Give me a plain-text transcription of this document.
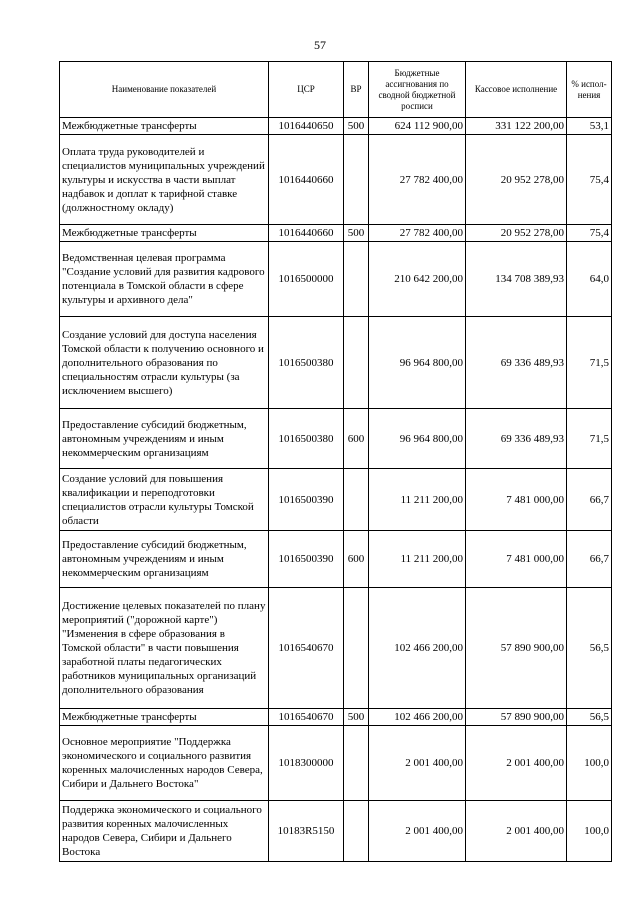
57
Наименование показателей	ЦСР	ВР	Бюджетные ассигнования по сводной бюджетной росписи	Кассовое исполнение	% испол-нения
Межбюджетные трансферты	1016440650	500	624 112 900,00	331 122 200,00	53,1
Оплата труда руководителей и специалистов муниципальных учреждений культуры и искусства в части выплат надбавок и доплат к тарифной ставке (должностному окладу)	1016440660		27 782 400,00	20 952 278,00	75,4
Межбюджетные трансферты	1016440660	500	27 782 400,00	20 952 278,00	75,4
Ведомственная целевая программа "Создание условий для развития кадрового потенциала в Томской области в сфере культуры и архивного дела"	1016500000		210 642 200,00	134 708 389,93	64,0
Создание условий для доступа населения Томской области к получению основного и дополнительного образования по специальностям отрасли культуры (за исключением высшего)	1016500380		96 964 800,00	69 336 489,93	71,5
Предоставление субсидий бюджетным, автономным учреждениям и иным некоммерческим организациям	1016500380	600	96 964 800,00	69 336 489,93	71,5
Создание условий для повышения квалификации и переподготовки специалистов отрасли культуры Томской области	1016500390		11 211 200,00	7 481 000,00	66,7
Предоставление субсидий бюджетным, автономным учреждениям и иным некоммерческим организациям	1016500390	600	11 211 200,00	7 481 000,00	66,7
Достижение целевых показателей по плану мероприятий ("дорожной карте") "Изменения в сфере образования в Томской области" в части повышения заработной платы педагогических работников муниципальных организаций дополнительного образования	1016540670		102 466 200,00	57 890 900,00	56,5
Межбюджетные трансферты	1016540670	500	102 466 200,00	57 890 900,00	56,5
Основное мероприятие "Поддержка экономического и социального развития коренных малочисленных народов Севера, Сибири и Дальнего Востока"	1018300000		2 001 400,00	2 001 400,00	100,0
Поддержка экономического и социального развития коренных малочисленных народов Севера, Сибири и Дальнего Востока	10183R5150		2 001 400,00	2 001 400,00	100,0
